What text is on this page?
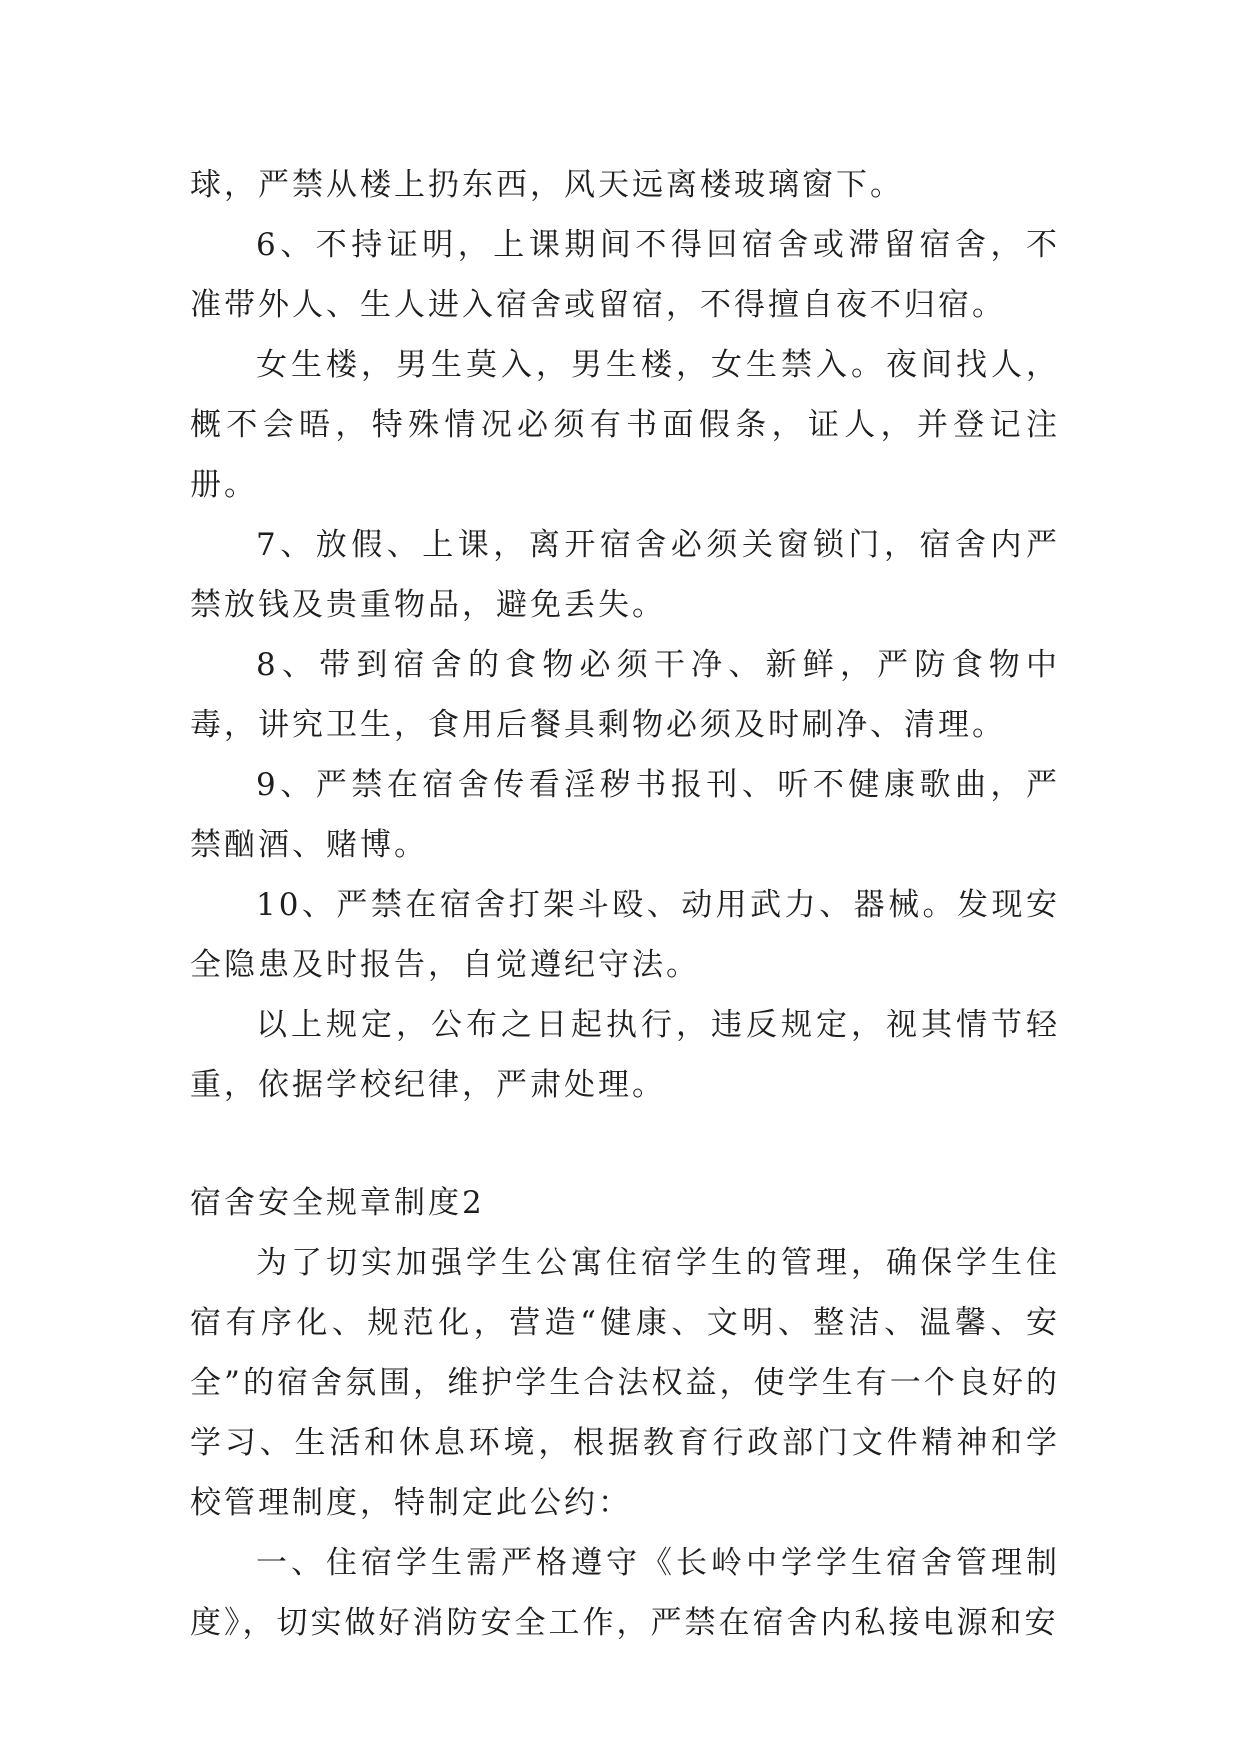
球，严禁从楼上扔东西，风天远离楼玻璃窗下。

6、不持证明，上课期间不得回宿舍或滞留宿舍，不准带外人、生人进入宿舍或留宿，不得擅自夜不归宿。

女生楼，男生莫入，男生楼，女生禁入。夜间找人，概不会晤，特殊情况必须有书面假条，证人，并登记注册。

7、放假、上课，离开宿舍必须关窗锁门，宿舍内严禁放钱及贵重物品，避免丢失。

8、带到宿舍的食物必须干净、新鲜，严防食物中毒，讲究卫生，食用后餐具剩物必须及时刷净、清理。

9、严禁在宿舍传看淫秽书报刊、听不健康歌曲，严禁酗酒、赌博。

10、严禁在宿舍打架斗殴、动用武力、器械。发现安全隐患及时报告，自觉遵纪守法。

以上规定，公布之日起执行，违反规定，视其情节轻重，依据学校纪律，严肃处理。

宿舍安全规章制度2

为了切实加强学生公寓住宿学生的管理，确保学生住宿有序化、规范化，营造“健康、文明、整洁、温馨、安全”的宿舍氛围，维护学生合法权益，使学生有一个良好的学习、生活和休息环境，根据教育行政部门文件精神和学校管理制度，特制定此公约：

一、住宿学生需严格遵守《长岭中学学生宿舍管理制度》，切实做好消防安全工作，严禁在宿舍内私接电源和安
